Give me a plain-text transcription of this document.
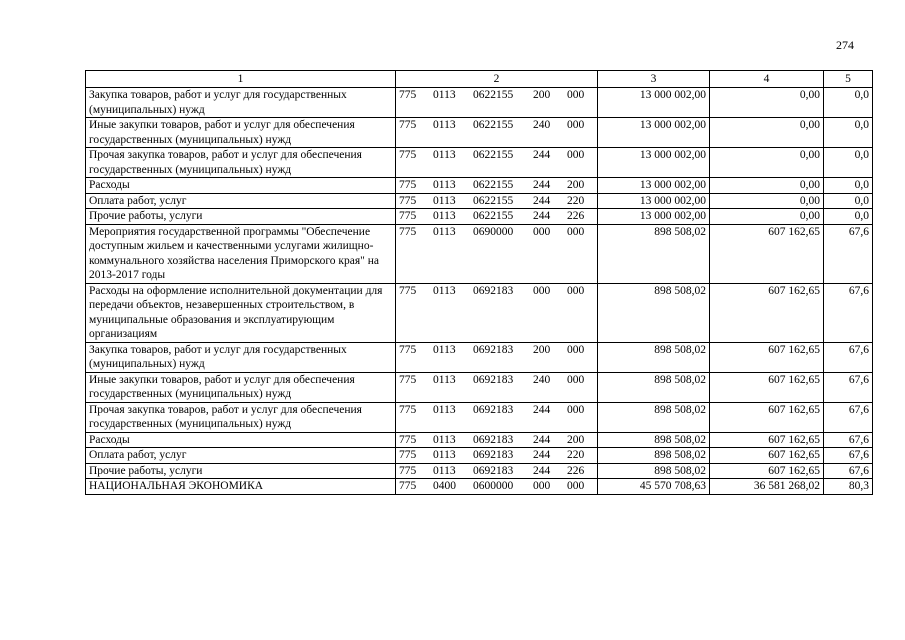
274
1	2	3	4	5
Закупка товаров, работ и услуг для государственных (муниципальных) нужд	775 0113 0622155 200 000	13 000 002,00	0,00	0,0
Иные закупки товаров, работ и услуг для обеспечения государственных (муниципальных) нужд	775 0113 0622155 240 000	13 000 002,00	0,00	0,0
Прочая закупка товаров, работ и услуг для обеспечения государственных (муниципальных) нужд	775 0113 0622155 244 000	13 000 002,00	0,00	0,0
Расходы	775 0113 0622155 244 200	13 000 002,00	0,00	0,0
Оплата работ, услуг	775 0113 0622155 244 220	13 000 002,00	0,00	0,0
Прочие работы, услуги	775 0113 0622155 244 226	13 000 002,00	0,00	0,0
Мероприятия государственной программы "Обеспечение доступным жильем и качественными услугами жилищно-коммунального хозяйства населения Приморского края" на 2013-2017 годы	775 0113 0690000 000 000	898 508,02	607 162,65	67,6
Расходы на оформление исполнительной документации для передачи объектов, незавершенных строительством, в муниципальные образования и эксплуатирующим организациям	775 0113 0692183 000 000	898 508,02	607 162,65	67,6
Закупка товаров, работ и услуг для государственных (муниципальных) нужд	775 0113 0692183 200 000	898 508,02	607 162,65	67,6
Иные закупки товаров, работ и услуг для обеспечения государственных (муниципальных) нужд	775 0113 0692183 240 000	898 508,02	607 162,65	67,6
Прочая закупка товаров, работ и услуг для обеспечения государственных (муниципальных) нужд	775 0113 0692183 244 000	898 508,02	607 162,65	67,6
Расходы	775 0113 0692183 244 200	898 508,02	607 162,65	67,6
Оплата работ, услуг	775 0113 0692183 244 220	898 508,02	607 162,65	67,6
Прочие работы, услуги	775 0113 0692183 244 226	898 508,02	607 162,65	67,6
НАЦИОНАЛЬНАЯ ЭКОНОМИКА	775 0400 0600000 000 000	45 570 708,63	36 581 268,02	80,3
